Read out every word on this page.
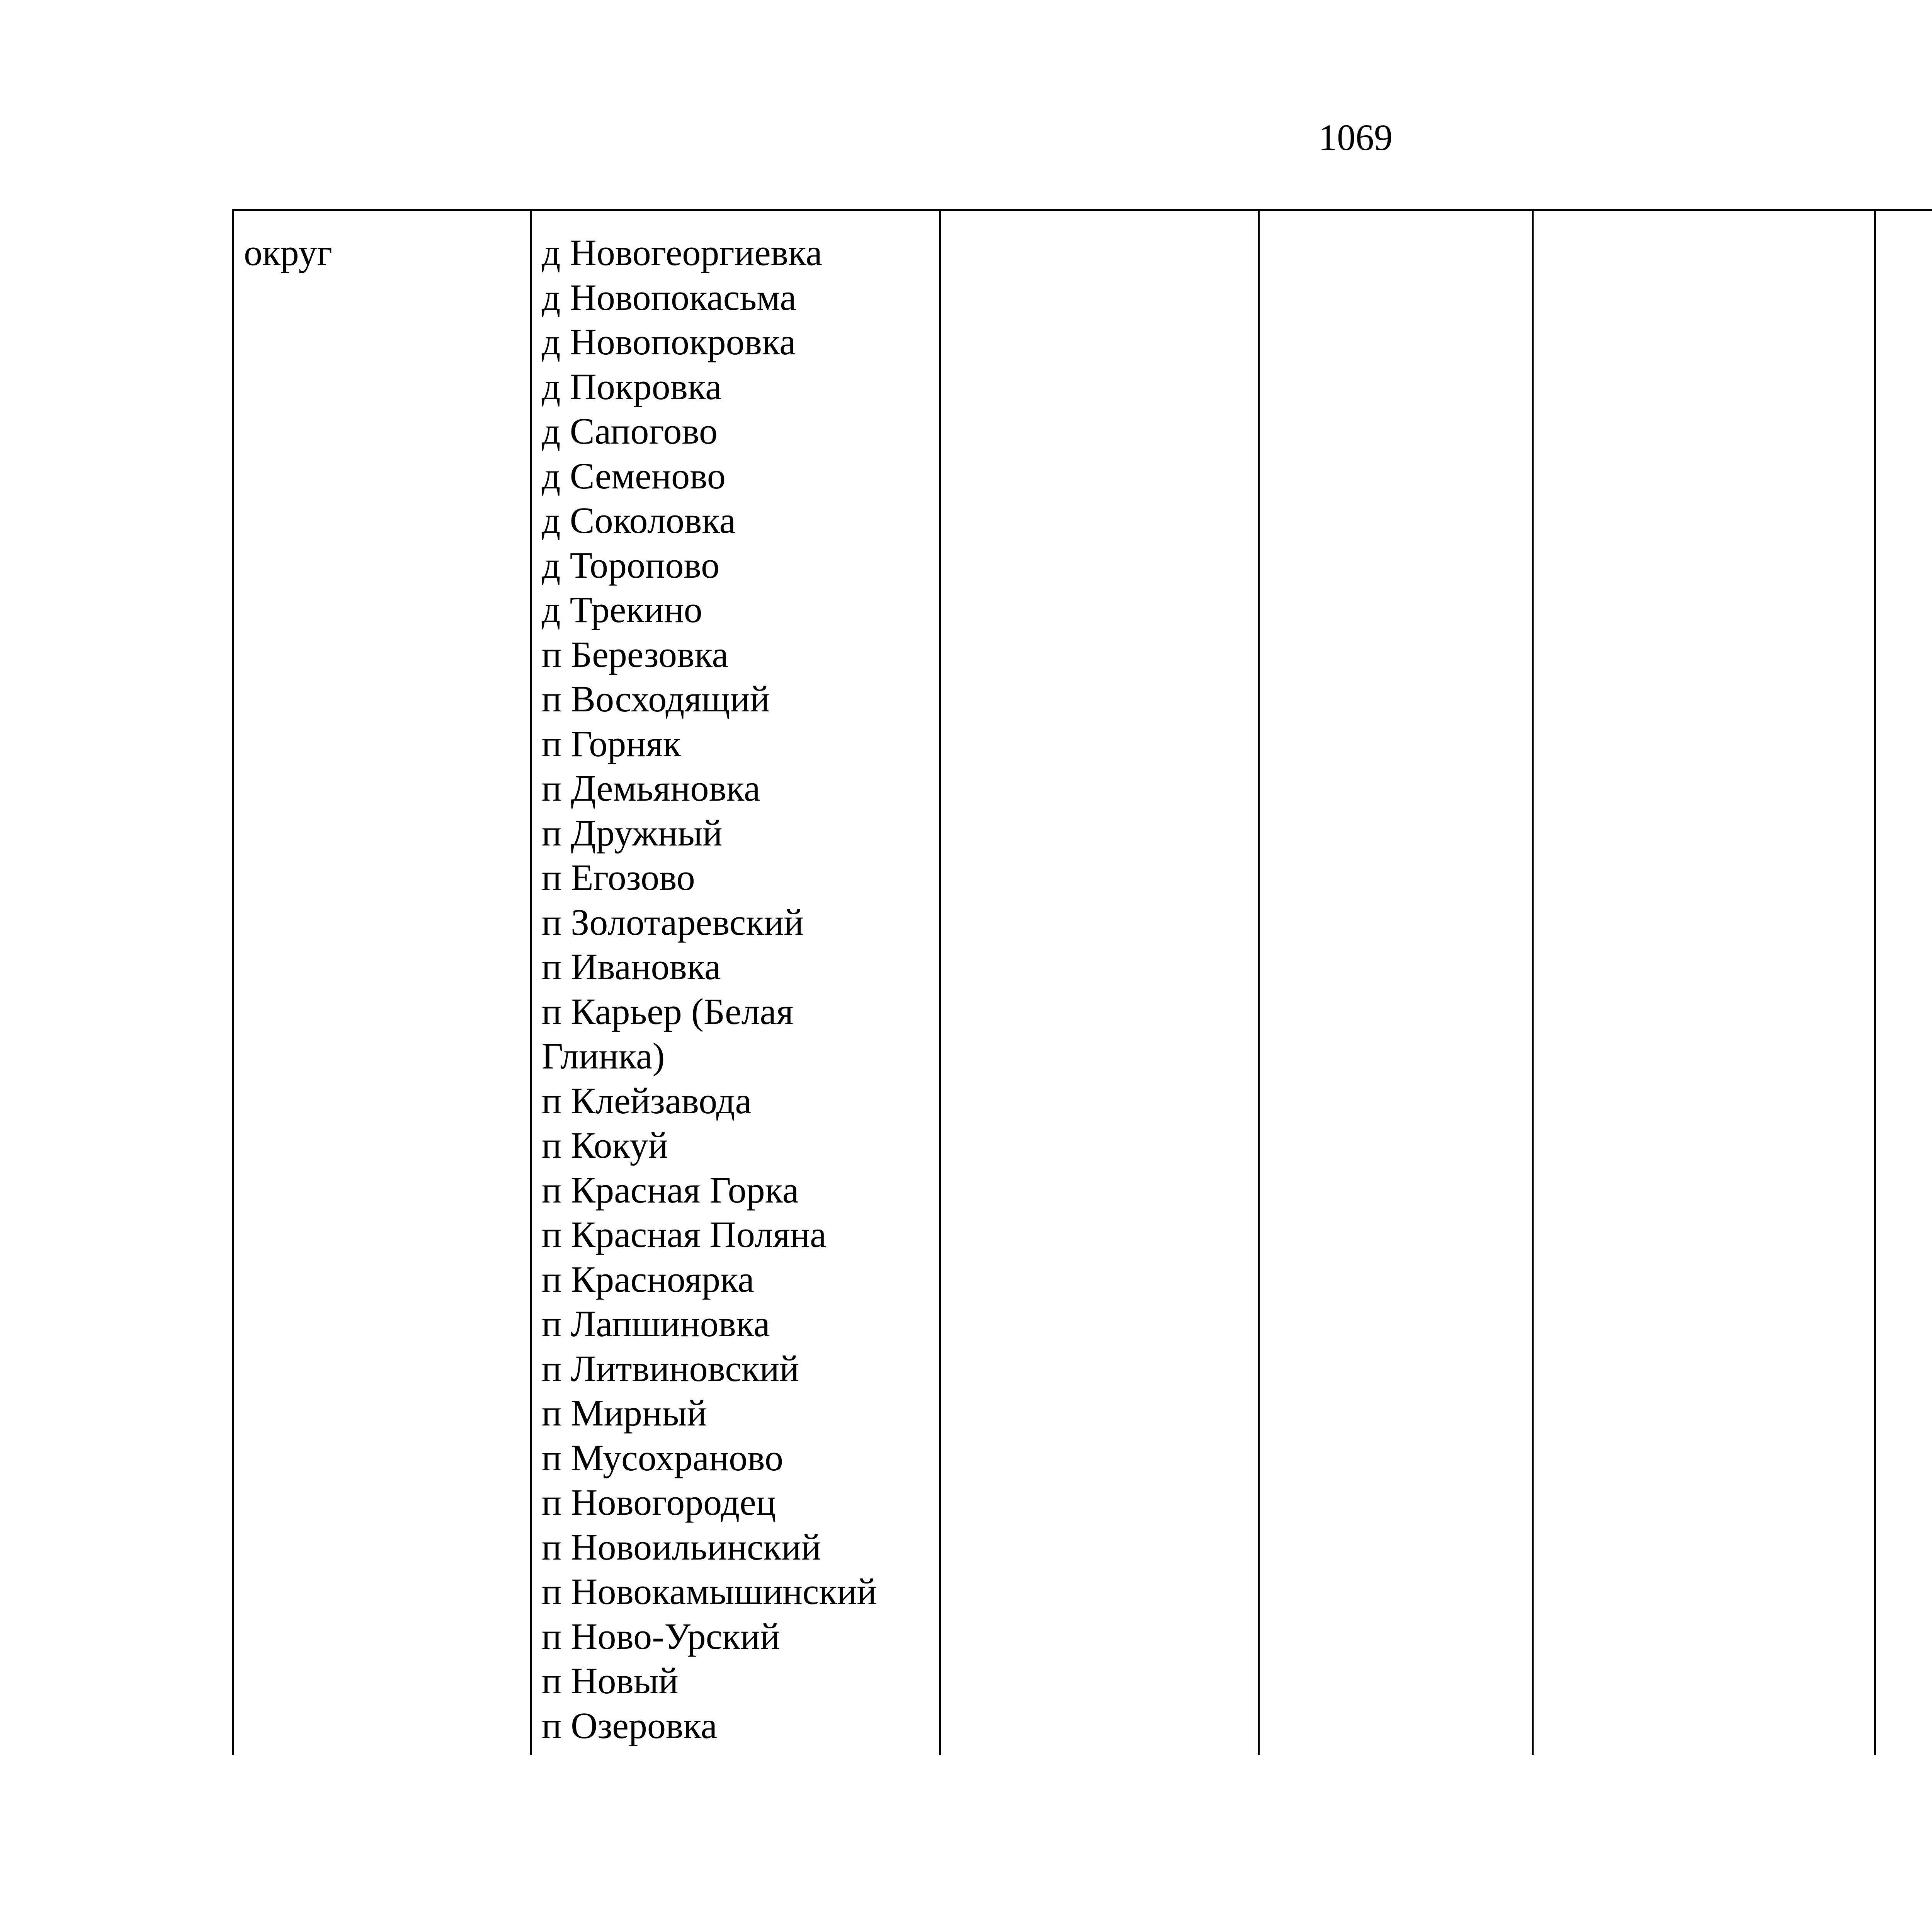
1069
округ	д Новогеоргиевка
д Новопокасьма
д Новопокровка
д Покровка
д Сапогово
д Семеново
д Соколовка
д Торопово
д Трекино
п Березовка
п Восходящий
п Горняк
п Демьяновка
п Дружный
п Егозово
п Золотаревский
п Ивановка
п Карьер (Белая Глинка)
п Клейзавода
п Кокуй
п Красная Горка
п Красная Поляна
п Красноярка
п Лапшиновка
п Литвиновский
п Мирный
п Мусохраново
п Новогородец
п Новоильинский
п Новокамышинский
п Ново-Урский
п Новый
п Озеровка
